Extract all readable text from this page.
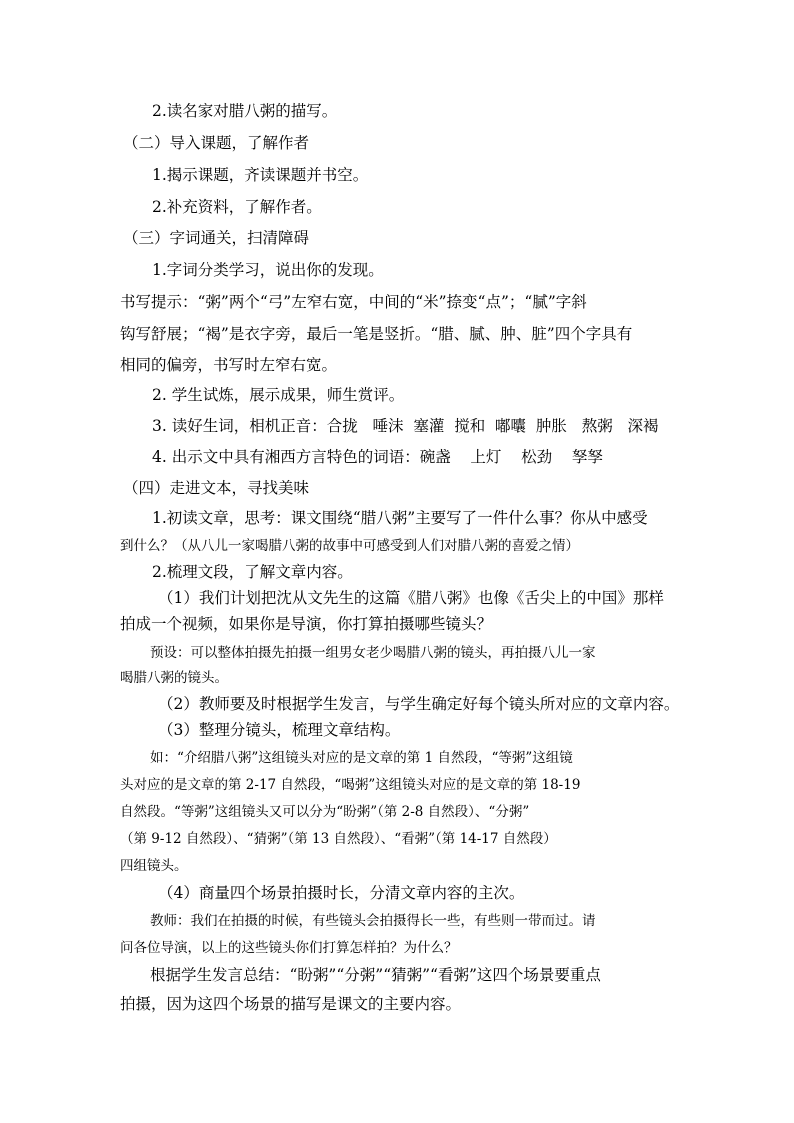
2.读名家对腊八粥的描写。
（二）导入课题，了解作者
1.揭示课题，齐读课题并书空。
2.补充资料，了解作者。
（三）字词通关，扫清障碍
1.字词分类学习，说出你的发现。
书写提示：“粥”两个“弓”左窄右宽，中间的“米”捺变“点”；“腻”字斜
钩写舒展；“褐”是衣字旁，最后一笔是竖折。“腊、腻、肿、脏”四个字具有
相同的偏旁，书写时左窄右宽。
2. 学生试炼，展示成果，师生赏评。
3. 读好生词，相机正音：合拢   唾沫  塞灌  搅和  嘟囔  肿胀   熬粥   深褐
4. 出示文中具有湘西方言特色的词语：碗盏    上灯    松劲    孥孥
（四）走进文本，寻找美味
1.初读文章，思考：课文围绕“腊八粥”主要写了一件什么事？你从中感受
到什么？（从八儿一家喝腊八粥的故事中可感受到人们对腊八粥的喜爱之情）
2.梳理文段，了解文章内容。
（1）我们计划把沈从文先生的这篇《腊八粥》也像《舌尖上的中国》那样
拍成一个视频，如果你是导演，你打算拍摄哪些镜头？
预设：可以整体拍摄先拍摄一组男女老少喝腊八粥的镜头，再拍摄八儿一家
喝腊八粥的镜头。
（2）教师要及时根据学生发言，与学生确定好每个镜头所对应的文章内容。
（3）整理分镜头，梳理文章结构。
如：“介绍腊八粥”这组镜头对应的是文章的第 1 自然段，“等粥”这组镜
头对应的是文章的第 2-17 自然段，“喝粥”这组镜头对应的是文章的第 18-19
自然段。“等粥”这组镜头又可以分为“盼粥”（第 2-8 自然段）、“分粥”
（第 9-12 自然段）、“猜粥”（第 13 自然段）、“看粥”（第 14-17 自然段）
四组镜头。
（4）商量四个场景拍摄时长，分清文章内容的主次。
教师：我们在拍摄的时候，有些镜头会拍摄得长一些，有些则一带而过。请
问各位导演，以上的这些镜头你们打算怎样拍？为什么？
根据学生发言总结：“盼粥”“分粥”“猜粥”“看粥”这四个场景要重点
拍摄，因为这四个场景的描写是课文的主要内容。
